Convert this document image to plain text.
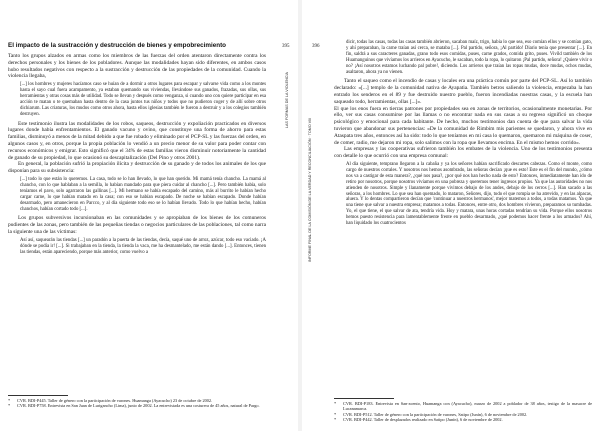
395
LAS FORMAS DE LA VIOLENCIA
El impacto de la sustracción y destrucción de bienes y empobrecimiento

Tanto los grupos alzados en armas como los miembros de las fuerzas del orden atentaron directamente contra los derechos personales y los bienes de los pobladores. Aunque las modalidades hayan sido diferentes, en ambos casos hubo resultados negativos con respecto a la sustracción y destrucción de las propiedades de la comunidad. Cuando la violencia llegaba,

[...] los hombres y mujeres hacíamos caso se huían de a dormir a otros lugares para escapar y salvarse vida como a los montes hasta el sayo cual fuera acampamento, ya estaban quemando sus viviendas, llevándose sus ganados, frazadas, sus ollas, sus herramientas y otras cosas más de utilidad. Todo se llevan y después como venganza, si cuando uno con quiere participar en esa acción te matan o te quemaban hasta dentro de la casa juntos tus niños y todos que no pudieron coger y de allí sobre otros dichiarum. Las criaturas, los mudos como otros ahora, hasta ellos iglesias también le fueron a destruir y a los colegios también destruyen.

Este testimonio ilustra las modalidades de los robos, saqueos, destrucción y expoliación practicados en diversos lugares donde había enfrentamientos. El ganado vacuno y ovino, que constituye una forma de ahorro para estas familias, disminuyó a menos de la mitad debido a que fue robado y eliminado por el PCP-SL y las fuerzas del orden, en algunos casos y, en otros, porque la propia población lo vendió a un precio menor de su valor para poder contar con recursos económicos y emigrar. Esto significó que el 34% de estas familias vieron disminuir notoriamente la cantidad de ganado de su propiedad, lo que ocasionó su descapitalización (Del Pino y otros 2001).

En general, la población sufrió la propiación ilícita y destrucción de su ganado y de todos los animales de los que disponían para su subsistencia:

[...] todo lo que están lo queremos. La casa, todo se lo han llevado, lo que han querido. Mi mamá tenía chancho. La mamá al chancho, con lo que hablaban a la semilla, lo habían mandado para que piera cuidar al chancho [...]. Pero también había, solo teníamos el pavo, solo agarraron las gallinas [...]. Mi hermano se había escapado del camino, más al burrito le habían hecho cargar carne, lo que habían matado en la casa; con eso se habían escapado. De noche se habían escapado. Donde habían desarmado, pero amanecieron en Parcco, y al día siguiente todo eso se lo habían llevado. Todo lo que habían hecho, habían chanchos, habían cortado todo [...].

Los grupos subversivos incursionaban en las comunidades y se apropiaban de los bienes de los comuneros pudientes de las zonas, pero también de las pequeñas tiendas o negocios particulares de las poblaciones, tal como narra la siguiente una de las víctimas:

Así así, saquearán las tiendas [...] un paradón a la puerta de las tiendas, decía, saqué uno de arroz, azúcar, todo eso vaciado. ¡A dónde se podía ir! [...]. Si trabajaban en la tienda, la tienda la vaca, me ha desmantelado, me están dando [...]. Entonces, tienen las tiendas, están apareciendo, porque más anterior, como vuelvo a
* CVR. BDI-P445. Taller de género con la participación de varones. Huamanga (Ayacucho) 23 de octubre de 2002.
* CVR. BDI-P758. Entrevista en San Juan de Lurigancho (Lima), junio de 2002. La entrevistada es una costurera de 45 años, natural de Pargo.
396
INFORME FINAL DE LA COMISIÓN DE LA VERDAD Y RECONCILIACIÓN · TOMO VIII
dicir, todas las casas, todas las casas también abrieron, sacaban maíz, trigo, habia lo que sea, eso comían ellos y se comían gato, y ahí preparaban, la carne traían así cerca, se mataba [...]. Pal partido, señora, ¡Al partido! Diario tenía que presentar [...]. En fin, saldrá a sus caracteres ganadas, grano todo esos comidas, puses, carne grados, comida grito, puses. Vivíld también de los Huamanguinos que vivíamos los arrieros en Ayacucho, le sacaban, todo la ropa, lo quitaron ¡Pal partido, señora! ¿Quiere vivir o no? ¡Así nosotros estamos luchando pal pobre!, diciendo. Los arrieros que traían las ropas mudas, doce mudas, ochos mudas, asaltaron, ahora ya no vienen.

Tanto el saqueo como el incendio de casas y locales era una práctica común por parte del PCP-SL. Así lo también declarado: «[...] templo de la comunidad nativa de Ayapatia. También betros saliendo la violencia, empezaba la han entrado los senderos en el 89 y fue destruido nuestro pueblo, fueron incendiadas nuestras casas, y la escuela han saqueado todo, herramientas, ollas [...]».

El que los enos fuera en tierras patrones por propiedades sea en zonas de territorios, ocasionalmente monetarias. Por ello, ver sus casas consumirse por las llamas o no encontrar nada en sus casas a su regreso significó un choque psicológico y emocional para cada habitante. De hecho, muchos testimonios dan cuenta de que para salvar la vida tuvieron que abandonar sus pertenencias: «De la comunidad de Rimbim mis parientes se quedaron, y ahora vive en Ataspata tres años, entonces así ha sido: todo lo que teníamos en mi casa lo quemaron, quemaron mi máquina de coser, de comer, radio, me dejaron mi ropa, solo salimos con la ropa que llevamos encima. En el mismo hemos corrido».

Las empresas y las cooperativas sufrieron también los embates de la violencia. Uno de los testimonios presenta con detalle lo que ocurrió con una empresa comunal:

Al día siguiente, temprano llegaron a la cabaña y ya los señores habían sacrificado descartes cabezas. Como el monte, como cargo de nuestros corrales. Y nosotros nos hemos asombrado, las señoras decían ¡que es esto! Este es el fin del mundo, ¿cómo nos va a castigar de esta manera?, ¿qué nos pasa?, ¿por qué nos han hecho nada de esto? Entonces, inmediatamente han ido de retiro por nosotros, porque nosotros vivíamos en una pobreza y queremos tener ingresos propios. Ya que las autoridades no nos atienden de nosotros. Simple y llanamente porque vivimos debajo de los andes, debajo de los cerros [...]. Han sacado a las señoras, a los hombres. Lo que sea han quemado, lo mataron, Señores, dijo, todo el que rompía se ha atrevido, y en las alpacas, aluera. Y lo dentas compartieron decían que 'continuar a nuestros hermanos', mejor matemos a todos, a todas matamos. Ya que una tiene que salvar a nuestra empresa; matamos a todas. Entonces, entre otro, dos hombres vivieron, preparamos so tumbadas. Yo, el que tiene, el que salvar de ata, tendría vida. Hoy y matara, unas horas cortadas tendrían su vida. Porque ellos nosotros hemos puesto resistencia para lamentablemente frente en pueblo desarmado, ¿qué podemos hacer frente a los armados? Ahí, han liquidado los cuatrocientos
* CVR. BDI-P183. Entrevista en San-acento, Huamanga con (Ayacucho), marzo de 2002 a poblador de 38 años, testigo de la masacre de Lucanamarca.
* CVR. BDI-P512. Taller de género con la participación de varones, Satipo (Junín), 6 de noviembre de 2002.
* CVR. BDI-P442. Taller de desplazados realizado en Satipo (Junín), 6 de noviembre de 2002.
